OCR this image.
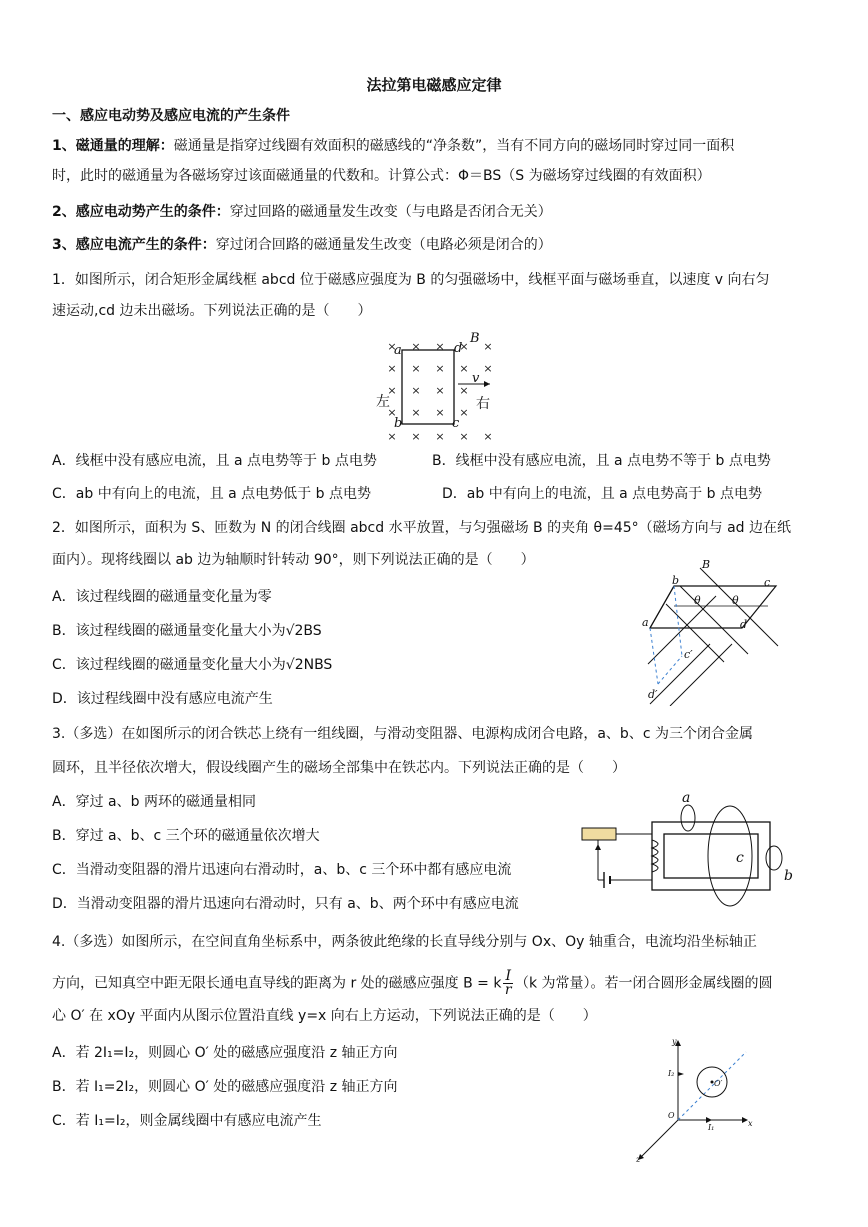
法拉第电磁感应定律
一、感应电动势及感应电流的产生条件
1、磁通量的理解：磁通量是指穿过线圈有效面积的磁感线的“净条数”，当有不同方向的磁场同时穿过同一面积
时，此时的磁通量为各磁场穿过该面磁通量的代数和。计算公式：Φ＝BS（S 为磁场穿过线圈的有效面积）
2、感应电动势产生的条件：穿过回路的磁通量发生改变（与电路是否闭合无关）
3、感应电流产生的条件：穿过闭合回路的磁通量发生改变（电路必须是闭合的）
1．如图所示，闭合矩形金属线框 abcd 位于磁感应强度为 B 的匀强磁场中，线框平面与磁场垂直，以速度 v 向右匀
速运动,cd 边未出磁场。下列说法正确的是（　　）
× × × × ×
× × × × ×
× × × ×
× × × ×
× × × × ×
a	d
B
v
b	c
左	右
A．线框中没有感应电流，且 a 点电势等于 b 点电势	B．线框中没有感应电流，且 a 点电势不等于 b 点电势
C．ab 中有向上的电流，且 a 点电势低于 b 点电势	D．ab 中有向上的电流，且 a 点电势高于 b 点电势
2．如图所示，面积为 S、匝数为 N 的闭合线圈 abcd 水平放置，与匀强磁场 B 的夹角 θ=45°（磁场方向与 ad 边在纸
面内）。现将线圈以 ab 边为轴顺时针转动 90°，则下列说法正确的是（　　）
A．该过程线圈的磁通量变化量为零
B．该过程线圈的磁通量变化量大小为√2BS
C．该过程线圈的磁通量变化量大小为√2NBS
D．该过程线圈中没有感应电流产生
B
b	c
a	d
θ	θ
c′
d′
3.（多选）在如图所示的闭合铁芯上绕有一组线圈，与滑动变阻器、电源构成闭合电路，a、b、c 为三个闭合金属
圆环，且半径依次增大，假设线圈产生的磁场全部集中在铁芯内。下列说法正确的是（　　）
A．穿过 a、b 两环的磁通量相同
B．穿过 a、b、c 三个环的磁通量依次增大
C．当滑动变阻器的滑片迅速向右滑动时，a、b、c 三个环中都有感应电流
D．当滑动变阻器的滑片迅速向右滑动时，只有 a、b、两个环中有感应电流
a
c
b
4.（多选）如图所示，在空间直角坐标系中，两条彼此绝缘的长直导线分别与 Ox、Oy 轴重合，电流均沿坐标轴正
方向，已知真空中距无限长通电直导线的距离为 r 处的磁感应强度 B = k $\frac{I}{r} (k$ 为常量）。若一闭合圆形金属线圈的圆
心 O′ 在 xOy 平面内从图示位置沿直线 y=x 向右上方运动，下列说法正确的是（　　）
A．若 2I₁=I₂，则圆心 O′ 处的磁感应强度沿 z 轴正方向
B．若 I₁=2I₂，则圆心 O′ 处的磁感应强度沿 z 轴正方向
C．若 I₁=I₂，则金属线圈中有感应电流产生
y
x
z
O
O′
I₂
I₁
